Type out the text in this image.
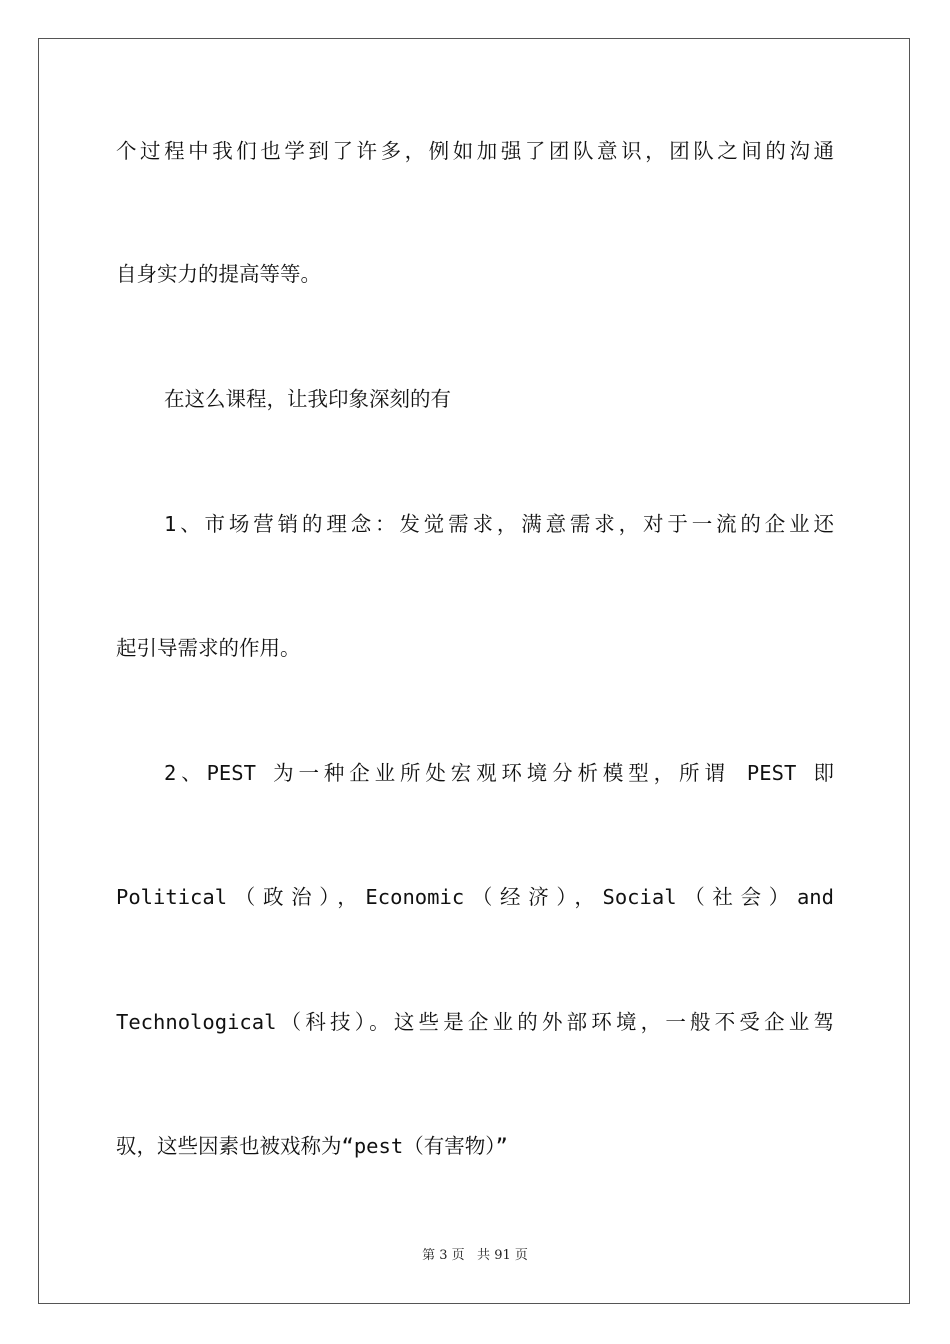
个过程中我们也学到了许多，例如加强了团队意识，团队之间的沟通
自身实力的提高等等。
在这么课程，让我印象深刻的有
1、市场营销的理念：发觉需求，满意需求，对于一流的企业还
起引导需求的作用。
2、PEST 为一种企业所处宏观环境分析模型，所谓 PEST 即
Political（政治），Economic（经济），Social（社会）and
Technological（科技）。这些是企业的外部环境，一般不受企业驾
驭，这些因素也被戏称为“pest（有害物）”
第 3 页   共 91 页
